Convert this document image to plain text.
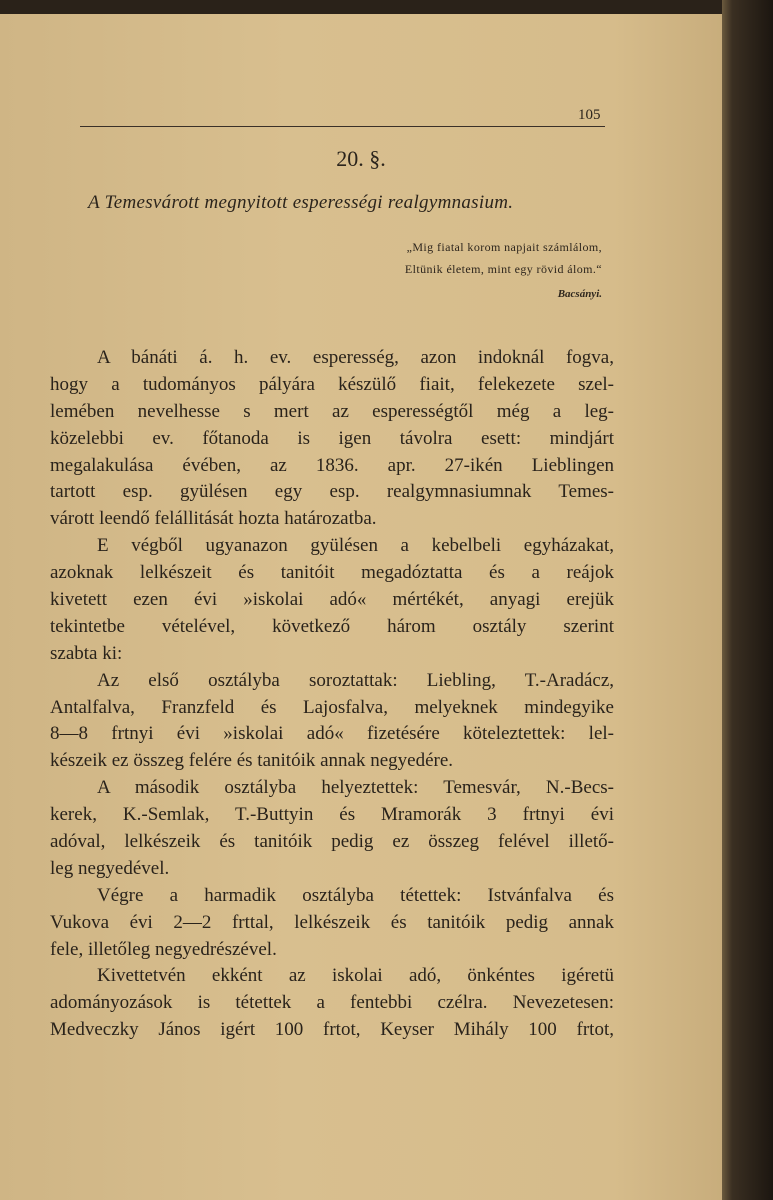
105
20. §.
A Temesvárott megnyitott esperességi realgymnasium.
„Mig fiatal korom napjait számlálom,
Eltünik életem, mint egy rövid álom.“
Bacsányi.
A bánáti á. h. ev. esperesség, azon indoknál fogva,
hogy a tudományos pályára készülő fiait, felekezete szel-
lemében nevelhesse s mert az esperességtől még a leg-
közelebbi ev. főtanoda is igen távolra esett: mindjárt
megalakulása évében, az 1836. apr. 27-ikén Lieblingen
tartott esp. gyülésen egy esp. realgymnasiumnak Temes-
várott leendő felállitását hozta határozatba.
E végből ugyanazon gyülésen a kebelbeli egyházakat,
azoknak lelkészeit és tanitóit megadóztatta és a reájok
kivetett ezen évi »iskolai adó« mértékét, anyagi erejük
tekintetbe vételével, következő három osztály szerint
szabta ki:
Az első osztályba soroztattak: Liebling, T.-Aradácz,
Antalfalva, Franzfeld és Lajosfalva, melyeknek mindegyike
8—8 frtnyi évi »iskolai adó« fizetésére köteleztettek: lel-
készeik ez összeg felére és tanitóik annak negyedére.
A második osztályba helyeztettek: Temesvár, N.-Becs-
kerek, K.-Semlak, T.-Buttyin és Mramorák 3 frtnyi évi
adóval, lelkészeik és tanitóik pedig ez összeg felével illető-
leg negyedével.
Végre a harmadik osztályba tétettek: Istvánfalva és
Vukova évi 2—2 frttal, lelkészeik és tanitóik pedig annak
fele, illetőleg negyedrészével.
Kivettetvén ekként az iskolai adó, önkéntes igéretü
adományozások is tétettek a fentebbi czélra. Nevezetesen:
Medveczky János igért 100 frtot, Keyser Mihály 100 frtot,
